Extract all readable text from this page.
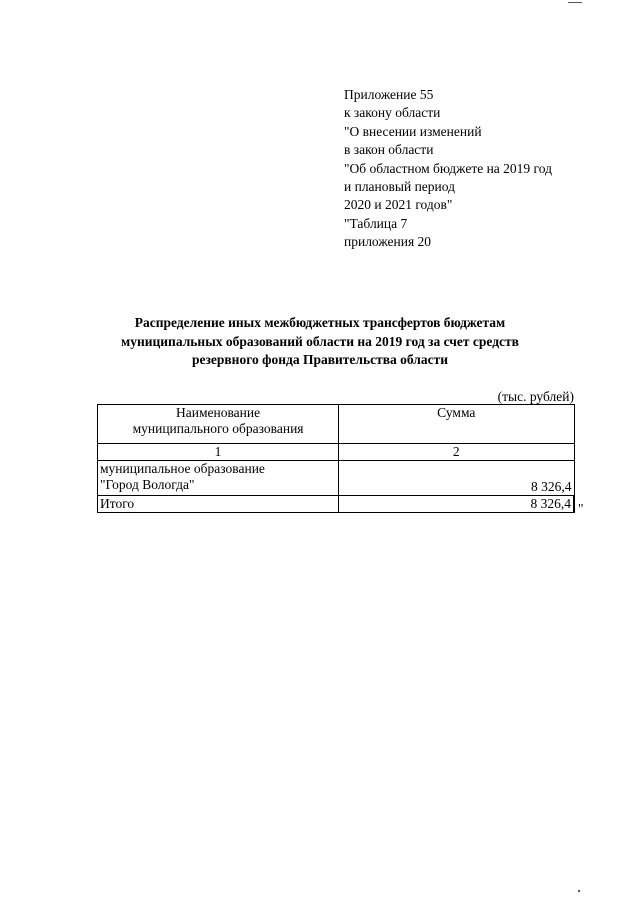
Приложение 55
к закону области
"О внесении изменений
в закон области
"Об областном бюджете на 2019 год
и плановый период
2020 и 2021 годов"
"Таблица 7
приложения 20
Распределение иных межбюджетных трансфертов бюджетам
муниципальных образований области на 2019 год за счет средств
резервного фонда Правительства области
(тыс. рублей)
Наименование
муниципального образования	Сумма
1	2

муниципальное образование
"Город Вологда"	8 326,4
Итого	8 326,4 "
